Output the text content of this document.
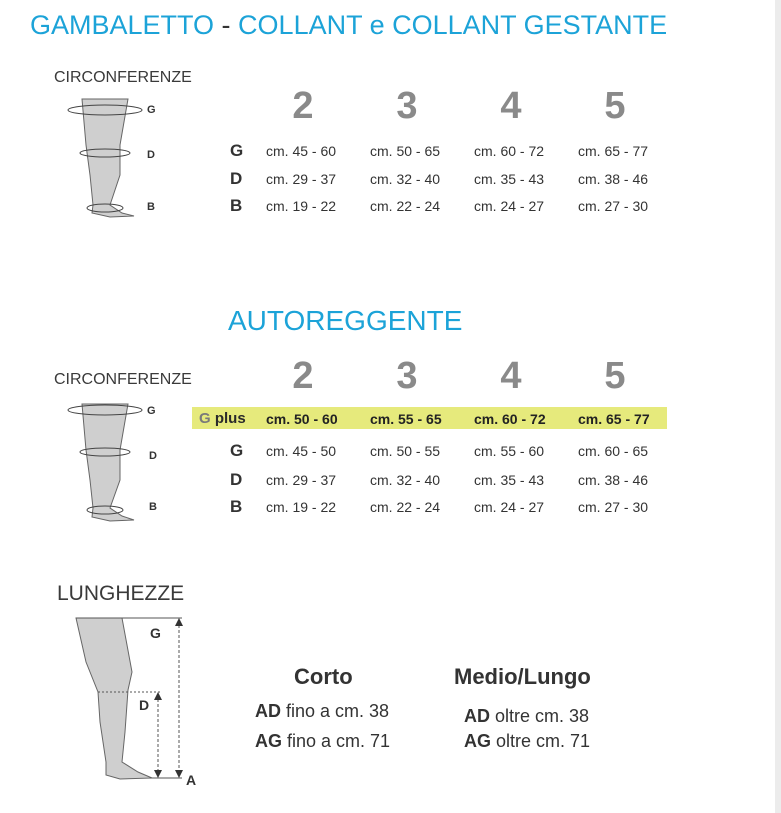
GAMBALETTO - COLLANT e COLLANT GESTANTE
CIRCONFERENZE
G
D
B
2	3	4	5
G cm. 45 - 60 cm. 50 - 65 cm. 60 - 72 cm. 65 - 77
D cm. 29 - 37 cm. 32 - 40 cm. 35 - 43 cm. 38 - 46
B cm. 19 - 22 cm. 22 - 24 cm. 24 - 27 cm. 27 - 30
AUTOREGGENTE
CIRCONFERENZE
G
D
B
2	3	4	5
G plus cm. 50 - 60 cm. 55 - 65 cm. 60 - 72 cm. 65 - 77
G cm. 45 - 50 cm. 50 - 55 cm. 55 - 60 cm. 60 - 65
D cm. 29 - 37 cm. 32 - 40 cm. 35 - 43 cm. 38 - 46
B cm. 19 - 22 cm. 22 - 24 cm. 24 - 27 cm. 27 - 30
LUNGHEZZE
G
D
A
Corto
AD fino a cm. 38
AG fino a cm. 71
Medio/Lungo
AD oltre cm. 38
AG oltre cm. 71
